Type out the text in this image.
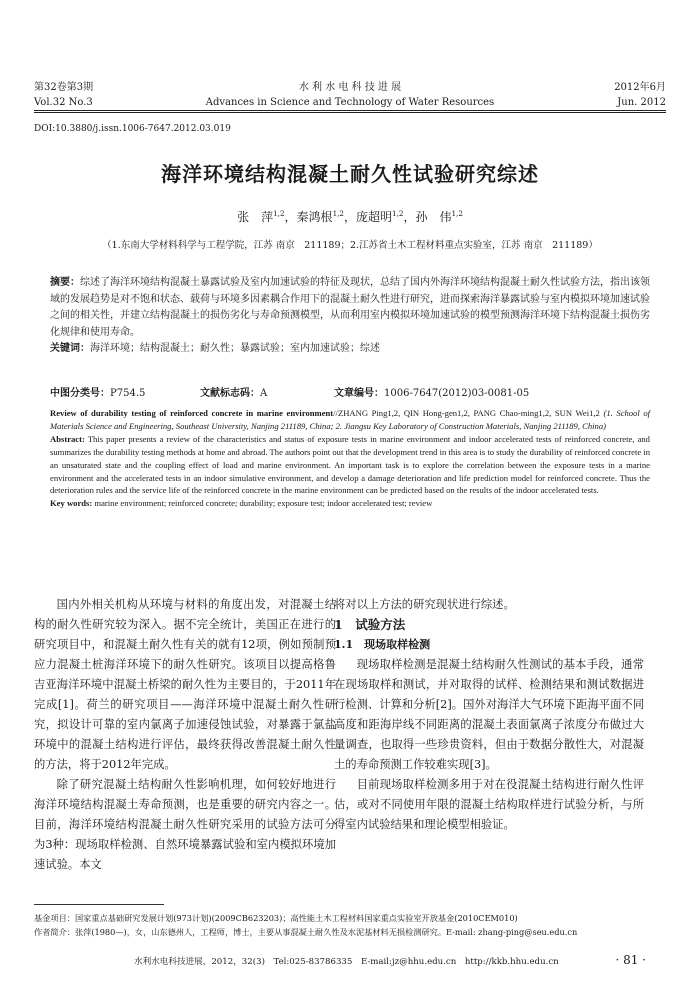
第32卷第3期
Vol.32 No.3
水 利 水 电 科 技 进 展
Advances in Science and Technology of Water Resources
2012年6月
Jun. 2012
DOI:10.3880/j.issn.1006-7647.2012.03.019
海洋环境结构混凝土耐久性试验研究综述
张　萍$^{1,2}$，秦鸿根$^{1,2}$，庞超明$^{1,2}$，孙　伟$^{1,2}$
（1.东南大学材料科学与工程学院，江苏 南京　211189；2.江苏省土木工程材料重点实验室，江苏 南京　211189）
摘要：综述了海洋环境结构混凝土暴露试验及室内加速试验的特征及现状，总结了国内外海洋环境结构混凝土耐久性试验方法，指出该领域的发展趋势是对不饱和状态、载荷与环境多因素耦合作用下的混凝土耐久性进行研究，进而探索海洋暴露试验与室内模拟环境加速试验之间的相关性，并建立结构混凝土的损伤劣化与寿命预测模型，从而利用室内模拟环境加速试验的模型预测海洋环境下结构混凝土损伤劣化规律和使用寿命。
关键词：海洋环境；结构混凝土；耐久性；暴露试验；室内加速试验；综述
中图分类号：P754.5	文献标志码：A	文章编号：1006-7647(2012)03-0081-05
Review of durability testing of reinforced concrete in marine environment//ZHANG Ping1,2, QIN Hong-gen1,2, PANG Chao-ming1,2, SUN Wei1,2 (1. School of Materials Science and Engineering, Southeast University, Nanjing 211189, China; 2. Jiangsu Key Laboratory of Construction Materials, Nanjing 211189, China)
Abstract: This paper presents a review of the characteristics and status of exposure tests in marine environment and indoor accelerated tests of reinforced concrete, and summarizes the durability testing methods at home and abroad. The authors point out that the development trend in this area is to study the durability of reinforced concrete in an unsaturated state and the coupling effect of load and marine environment. An important task is to explore the correlation between the exposure tests in a marine environment and the accelerated tests in an indoor simulative environment, and develop a damage deterioration and life prediction model for reinforced concrete. Thus the deterioration rules and the service life of the reinforced concrete in the marine environment can be predicted based on the results of the indoor accelerated tests.
Key words: marine environment; reinforced concrete; durability; exposure test; indoor accelerated test; review

国内外相关机构从环境与材料的角度出发，对混凝土结构的耐久性研究较为深入。据不完全统计，美国正在进行的研究项目中，和混凝土耐久性有关的就有12项，例如预制预应力混凝土桩海洋环境下的耐久性研究。该项目以提高格鲁吉亚海洋环境中混凝土桥梁的耐久性为主要目的，于2011年完成[1]。荷兰的研究项目——海洋环境中混凝土耐久性研究，拟设计可靠的室内氯离子加速侵蚀试验，对暴露于氯盐环境中的混凝土结构进行评估，最终获得改善混凝土耐久性的方法，将于2012年完成。

除了研究混凝土结构耐久性影响机理，如何较好地进行海洋环境结构混凝土寿命预测，也是重要的研究内容之一。目前，海洋环境结构混凝土耐久性研究采用的试验方法可分为3种：现场取样检测、自然环境暴露试验和室内模拟环境加速试验。本文

将对以上方法的研究现状进行综述。

1　试验方法

1.1　现场取样检测

现场取样检测是混凝土结构耐久性测试的基本手段，通常在现场取样和测试，并对取得的试样、检测结果和测试数据进行检测、计算和分析[2]。国外对海洋大气环境下距海平面不同高度和距海岸线不同距离的混凝土表面氯离子浓度分布做过大量调查，也取得一些珍贵资料，但由于数据分散性大，对混凝土的寿命预测工作较难实现[3]。

目前现场取样检测多用于对在役混凝土结构进行耐久性评估，或对不同使用年限的混凝土结构取样进行试验分析，与所得室内试验结果和理论模型相验证。

基金项目：国家重点基础研究发展计划(973计划)(2009CB623203)；高性能土木工程材料国家重点实验室开放基金(2010CEM010)
作者简介：张萍(1980—)，女，山东德州人，工程师，博士，主要从事混凝土耐久性及水泥基材料无损检测研究。E-mail: zhang-ping@seu.edu.cn
水利水电科技进展，2012，32(3)　Tel:025-83786335　E-mail:jz@hhu.edu.cn　http://kkb.hhu.edu.cn	· 81 ·
